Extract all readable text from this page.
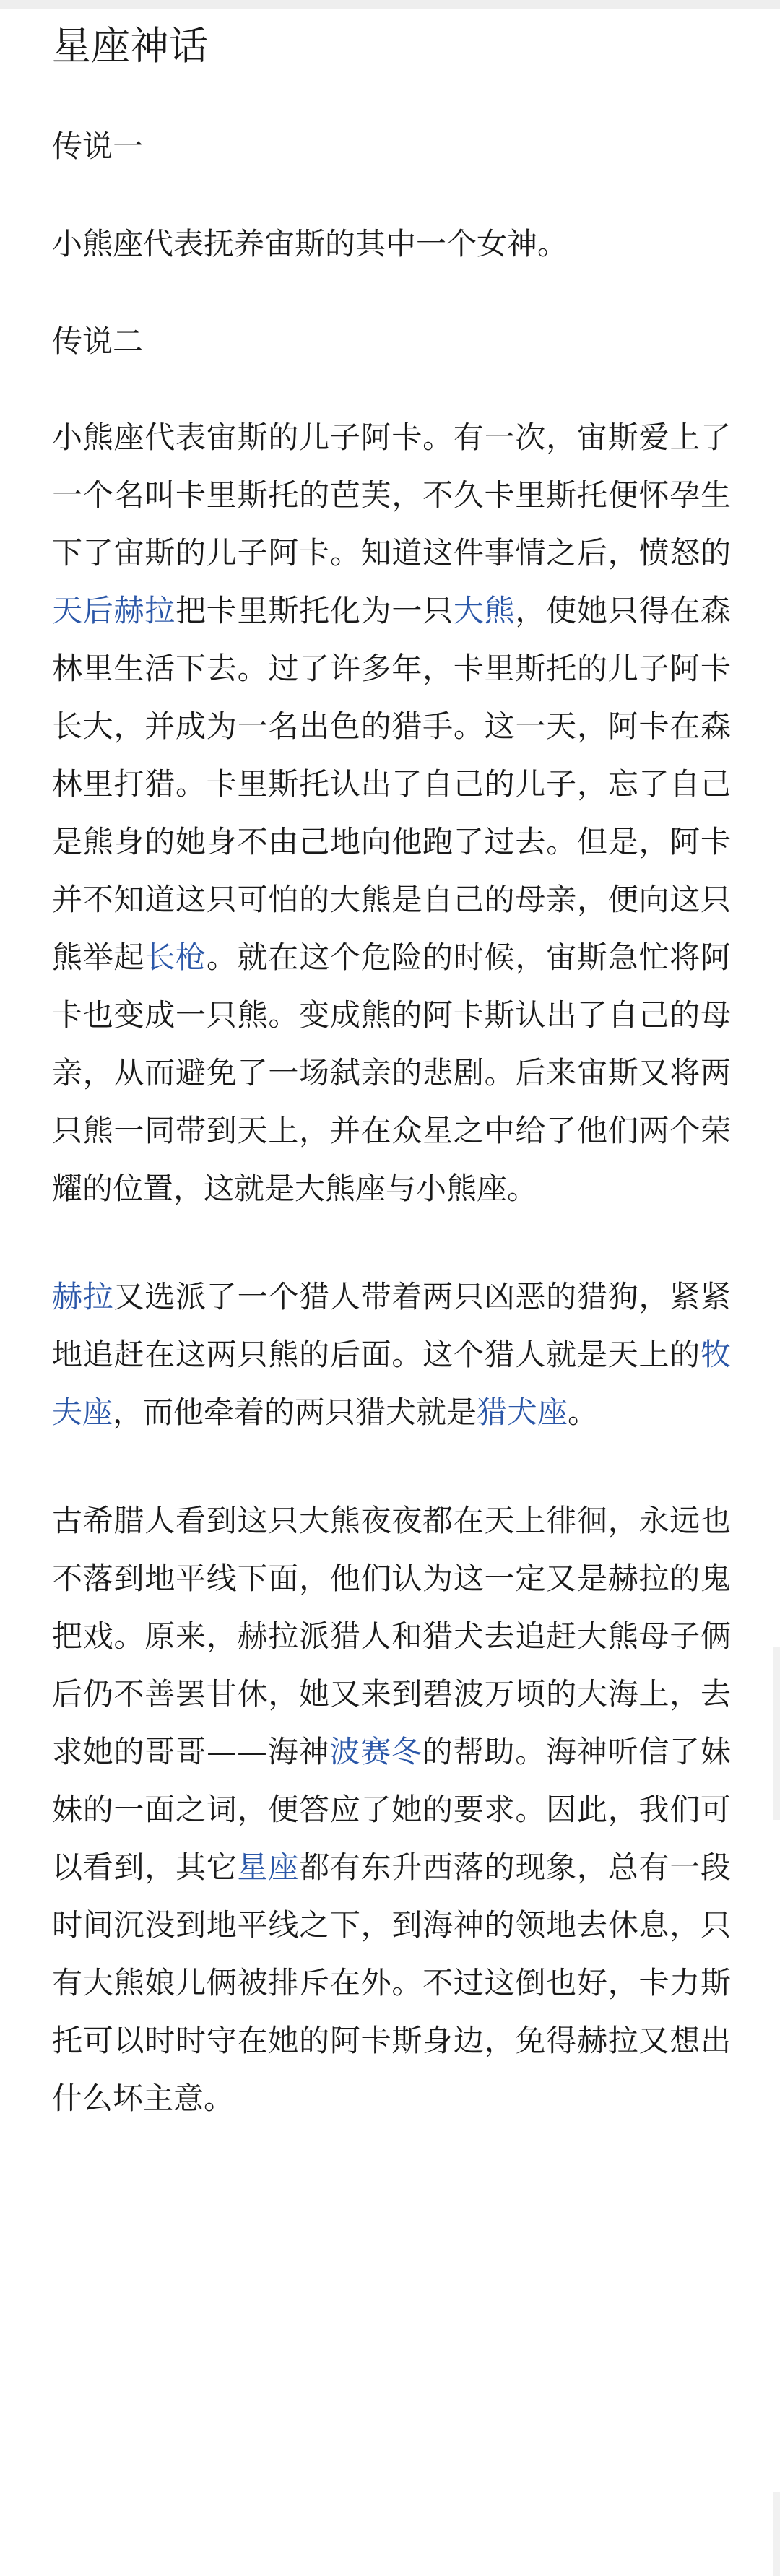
星座神话

传说一

小熊座代表抚养宙斯的其中一个女神。

传说二

小熊座代表宙斯的儿子阿卡。有一次，宙斯爱上了一个名叫卡里斯托的芭芙，不久卡里斯托便怀孕生下了宙斯的儿子阿卡。知道这件事情之后，愤怒的天后赫拉把卡里斯托化为一只大熊，使她只得在森林里生活下去。过了许多年，卡里斯托的儿子阿卡长大，并成为一名出色的猎手。这一天，阿卡在森林里打猎。卡里斯托认出了自己的儿子，忘了自己是熊身的她身不由己地向他跑了过去。但是，阿卡并不知道这只可怕的大熊是自己的母亲，便向这只熊举起长枪。就在这个危险的时候，宙斯急忙将阿卡也变成一只熊。变成熊的阿卡斯认出了自己的母亲，从而避免了一场弑亲的悲剧。后来宙斯又将两只熊一同带到天上，并在众星之中给了他们两个荣耀的位置，这就是大熊座与小熊座。

赫拉又选派了一个猎人带着两只凶恶的猎狗，紧紧地追赶在这两只熊的后面。这个猎人就是天上的牧夫座，而他牵着的两只猎犬就是猎犬座。

古希腊人看到这只大熊夜夜都在天上徘徊，永远也不落到地平线下面，他们认为这一定又是赫拉的鬼把戏。原来，赫拉派猎人和猎犬去追赶大熊母子俩后仍不善罢甘休，她又来到碧波万顷的大海上，去求她的哥哥——海神波赛冬的帮助。海神听信了妹妹的一面之词，便答应了她的要求。因此，我们可以看到，其它星座都有东升西落的现象，总有一段时间沉没到地平线之下，到海神的领地去休息，只有大熊娘儿俩被排斥在外。不过这倒也好，卡力斯托可以时时守在她的阿卡斯身边，免得赫拉又想出什么坏主意。
